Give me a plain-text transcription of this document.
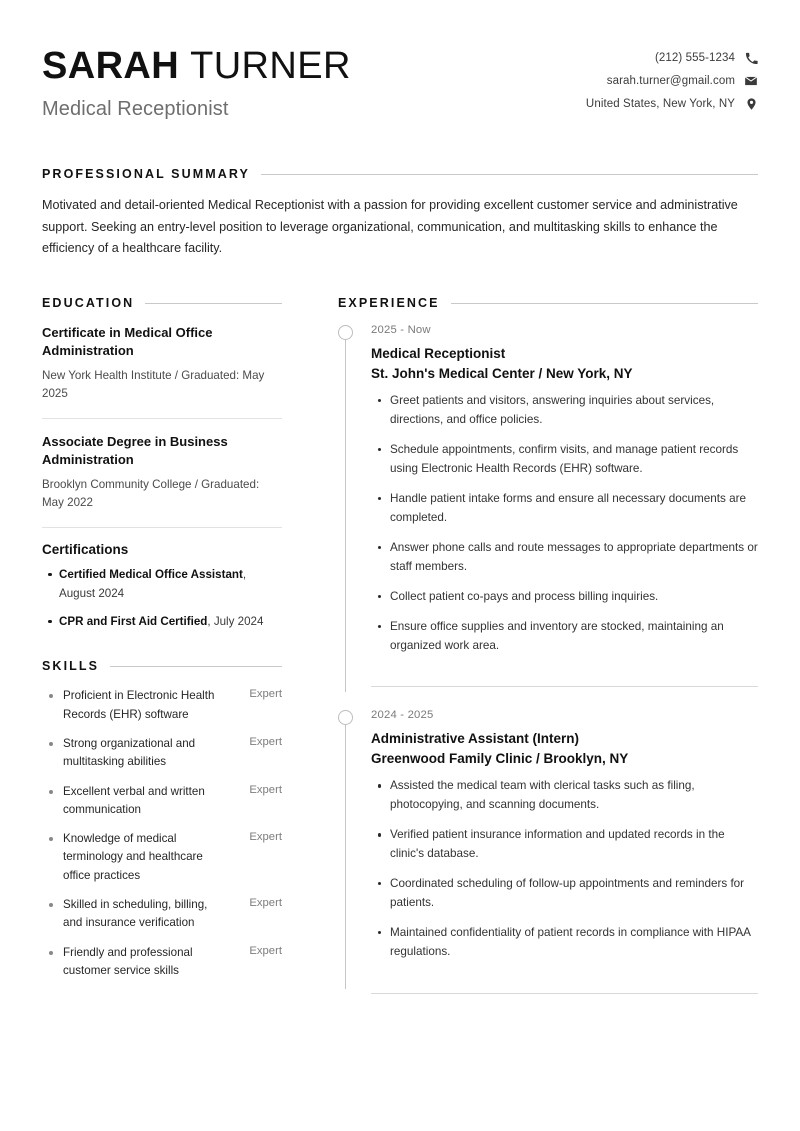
SARAH TURNER

Medical Receptionist

(212) 555-1234
sarah.turner@gmail.com
United States, New York, NY
PROFESSIONAL SUMMARY

Motivated and detail-oriented Medical Receptionist with a passion for providing excellent customer service and administrative support. Seeking an entry-level position to leverage organizational, communication, and multitasking skills to enhance the efficiency of a healthcare facility.

EDUCATION

Certificate in Medical Office Administration

New York Health Institute / Graduated: May 2025

Associate Degree in Business Administration

Brooklyn Community College / Graduated: May 2022

Certifications

Certified Medical Office Assistant, August 2024
CPR and First Aid Certified, July 2024
SKILLS
Proficient in Electronic Health Records (EHR) software
Expert
Strong organizational and multitasking abilities
Expert
Excellent verbal and written communication
Expert
Knowledge of medical terminology and healthcare office practices
Expert
Skilled in scheduling, billing, and insurance verification
Expert
Friendly and professional customer service skills
Expert
EXPERIENCE

2025 - Now

Medical Receptionist

St. John's Medical Center / New York, NY

Greet patients and visitors, answering inquiries about services, directions, and office policies.
Schedule appointments, confirm visits, and manage patient records using Electronic Health Records (EHR) software.
Handle patient intake forms and ensure all necessary documents are completed.
Answer phone calls and route messages to appropriate departments or staff members.
Collect patient co-pays and process billing inquiries.
Ensure office supplies and inventory are stocked, maintaining an organized work area.

2024 - 2025

Administrative Assistant (Intern)

Greenwood Family Clinic / Brooklyn, NY

Assisted the medical team with clerical tasks such as filing, photocopying, and scanning documents.
Verified patient insurance information and updated records in the clinic's database.
Coordinated scheduling of follow-up appointments and reminders for patients.
Maintained confidentiality of patient records in compliance with HIPAA regulations.
